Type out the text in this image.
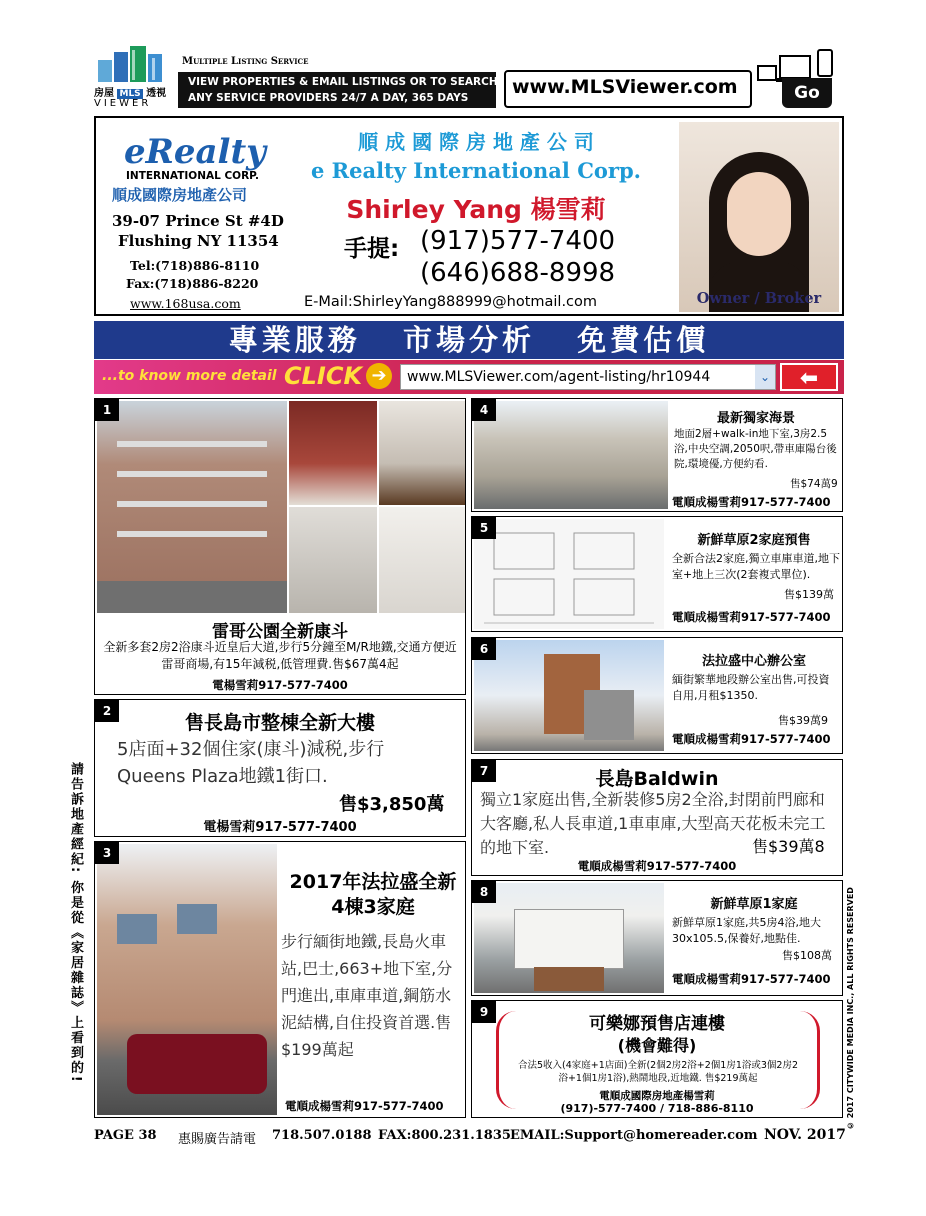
房屋 MLS 透視
VIEWER
Multiple Listing Service
VIEW PROPERTIES & EMAIL LISTINGS OR TO SEARCH
ANY SERVICE PROVIDERS 24/7 A DAY, 365 DAYS www.MLSViewer.com	Go
eRealty
INTERNATIONAL CORP.
順成國際房地產公司
39-07 Prince St #4D
Flushing NY 11354
Tel:(718)886-8110
Fax:(718)886-8220
www.168usa.com
順 成 國 際 房 地 產 公 司
e Realty International Corp.
Shirley Yang 楊雪莉
手提: (917)577-7400
(646)688-8998
E-Mail:ShirleyYang888999@hotmail.com	Owner / Broker
專業服務   市場分析   免費估價
...to know more detail CLICK ➔	www.MLSViewer.com/agent-listing/hr10944	⌄	⬅
1
雷哥公園全新康斗
全新多套2房2浴康斗近皇后大道,步行5分鐘至M/R地鐵,交通方便近雷哥商場,有15年減税,低管理費.售$67萬4起
電楊雪莉917-577-7400
2
售長島市整棟全新大樓
5店面+32個住家(康斗)減税,步行Queens Plaza地鐵1街口.
售$3,850萬
電楊雪莉917-577-7400
3
2017年法拉盛全新4棟3家庭
步行緬街地鐵,長島火車站,巴士,663+地下室,分門進出,車庫車道,鋼筋水泥結構,自住投資首選.售$199萬起
電順成楊雪莉917-577-7400
4
最新獨家海景
地面2層+walk-in地下室,3房2.5浴,中央空調,2050呎,帶車庫陽台後院,環境優,方便約看.
售$74萬9
電順成楊雪莉917-577-7400
5
新鮮草原2家庭預售
全新合法2家庭,獨立車庫車道,地下室+地上三次(2套複式單位).
售$139萬
電順成楊雪莉917-577-7400
6
法拉盛中心辦公室
緬街繁華地段辦公室出售,可投資自用,月租$1350.
售$39萬9
電順成楊雪莉917-577-7400
7	長島Baldwin
獨立1家庭出售,全新裝修5房2全浴,封閉前門廊和大客廳,私人長車道,1車車庫,大型高天花板未完工的地下室.	售$39萬8
電順成楊雪莉917-577-7400
8
新鮮草原1家庭
新鮮草原1家庭,共5房4浴,地大30x105.5,保養好,地點佳.
售$108萬
電順成楊雪莉917-577-7400
9
可樂娜預售店連樓
(機會難得)
合法5收入(4家庭+1店面)全新(2個2房2浴+2個1房1浴或3個2房2浴+1個1房1浴),熱鬧地段,近地鐵. 售$219萬起
電順成國際房地產楊雪莉
(917)-577-7400 / 718-886-8110
請告訴地產經紀: 你是從《家居雜誌》上看到的!	© 2017 CITYWIDE MEDIA INC., ALL RIGHTS RESERVED
PAGE 38 惠賜廣告請電 718.507.0188 FAX:800.231.1835 EMAIL:Support@homereader.com NOV. 2017
